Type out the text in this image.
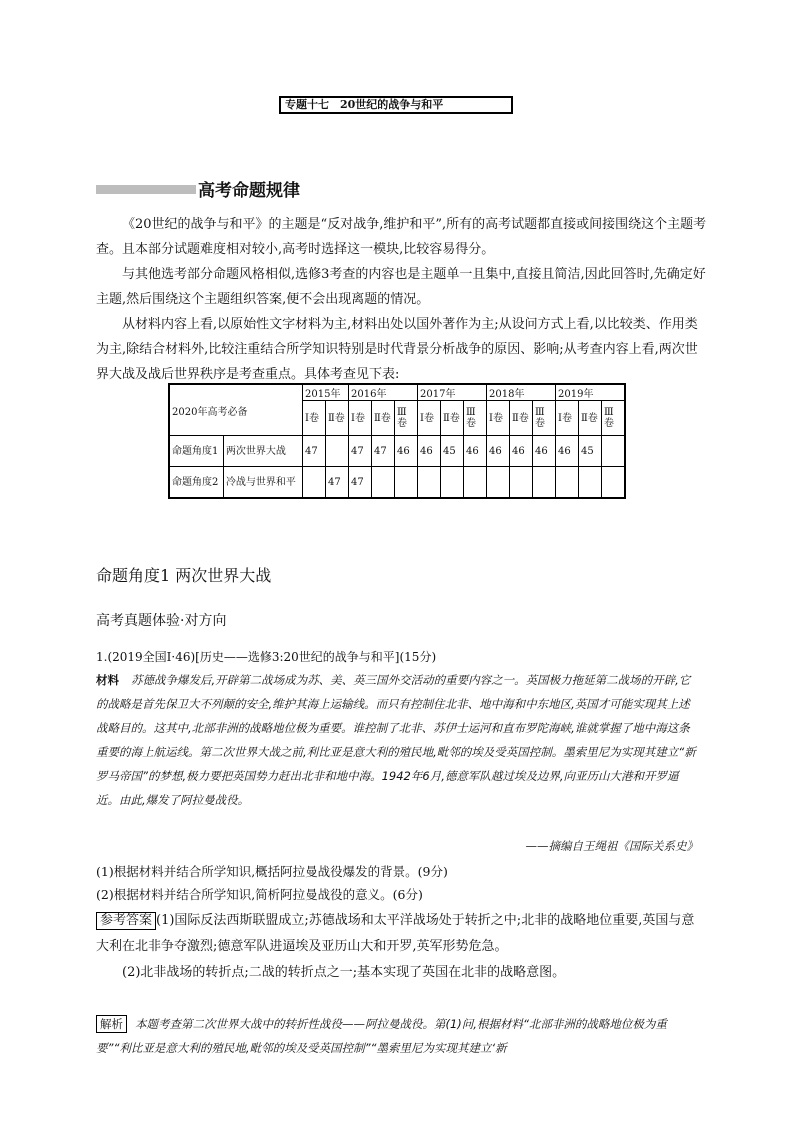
专题十七　20世纪的战争与和平
高考命题规律
《20世纪的战争与和平》的主题是“反对战争,维护和平”,所有的高考试题都直接或间接围绕这个主题考查。且本部分试题难度相对较小,高考时选择这一模块,比较容易得分。
与其他选考部分命题风格相似,选修3考查的内容也是主题单一且集中,直接且简洁,因此回答时,先确定好主题,然后围绕这个主题组织答案,便不会出现离题的情况。
从材料内容上看,以原始性文字材料为主,材料出处以国外著作为主;从设问方式上看,以比较类、作用类为主,除结合材料外,比较注重结合所学知识特别是时代背景分析战争的原因、影响;从考查内容上看,两次世界大战及战后世界秩序是考查重点。具体考查见下表:
2020年高考必备		2015年		2016年			2017年			2018年			2019年		
		Ⅰ卷	Ⅱ卷	Ⅰ卷	Ⅱ卷	Ⅲ卷	Ⅰ卷	Ⅱ卷	Ⅲ卷	Ⅰ卷	Ⅱ卷	Ⅲ卷	Ⅰ卷	Ⅱ卷	Ⅲ卷
命题角度1	两次世界大战	47		47	47	46	46	45	46	46	46	46	46	45	
命题角度2	冷战与世界和平		47	47											
命题角度1 两次世界大战
高考真题体验·对方向
1.(2019全国Ⅰ·46)[历史——选修3:20世纪的战争与和平](15分)
材料 苏德战争爆发后,开辟第二战场成为苏、美、英三国外交活动的重要内容之一。英国极力拖延第二战场的开辟,它的战略是首先保卫大不列颠的安全,维护其海上运输线。而只有控制住北非、地中海和中东地区,英国才可能实现其上述战略目的。这其中,北部非洲的战略地位极为重要。谁控制了北非、苏伊士运河和直布罗陀海峡,谁就掌握了地中海这条重要的海上航运线。第二次世界大战之前,利比亚是意大利的殖民地,毗邻的埃及受英国控制。墨索里尼为实现其建立“新罗马帝国”的梦想,极力要把英国势力赶出北非和地中海。1942年6月,德意军队越过埃及边界,向亚历山大港和开罗逼近。由此,爆发了阿拉曼战役。
——摘编自王绳祖《国际关系史》
(1)根据材料并结合所学知识,概括阿拉曼战役爆发的背景。(9分)
(2)根据材料并结合所学知识,简析阿拉曼战役的意义。(6分)
参考答案 (1)国际反法西斯联盟成立;苏德战场和太平洋战场处于转折之中;北非的战略地位重要,英国与意大利在北非争夺激烈;德意军队进逼埃及亚历山大和开罗,英军形势危急。
(2)北非战场的转折点;二战的转折点之一;基本实现了英国在北非的战略意图。
解析 本题考查第二次世界大战中的转折性战役——阿拉曼战役。第(1)问,根据材料“北部非洲的战略地位极为重要”“利比亚是意大利的殖民地,毗邻的埃及受英国控制”“墨索里尼为实现其建立‘新
